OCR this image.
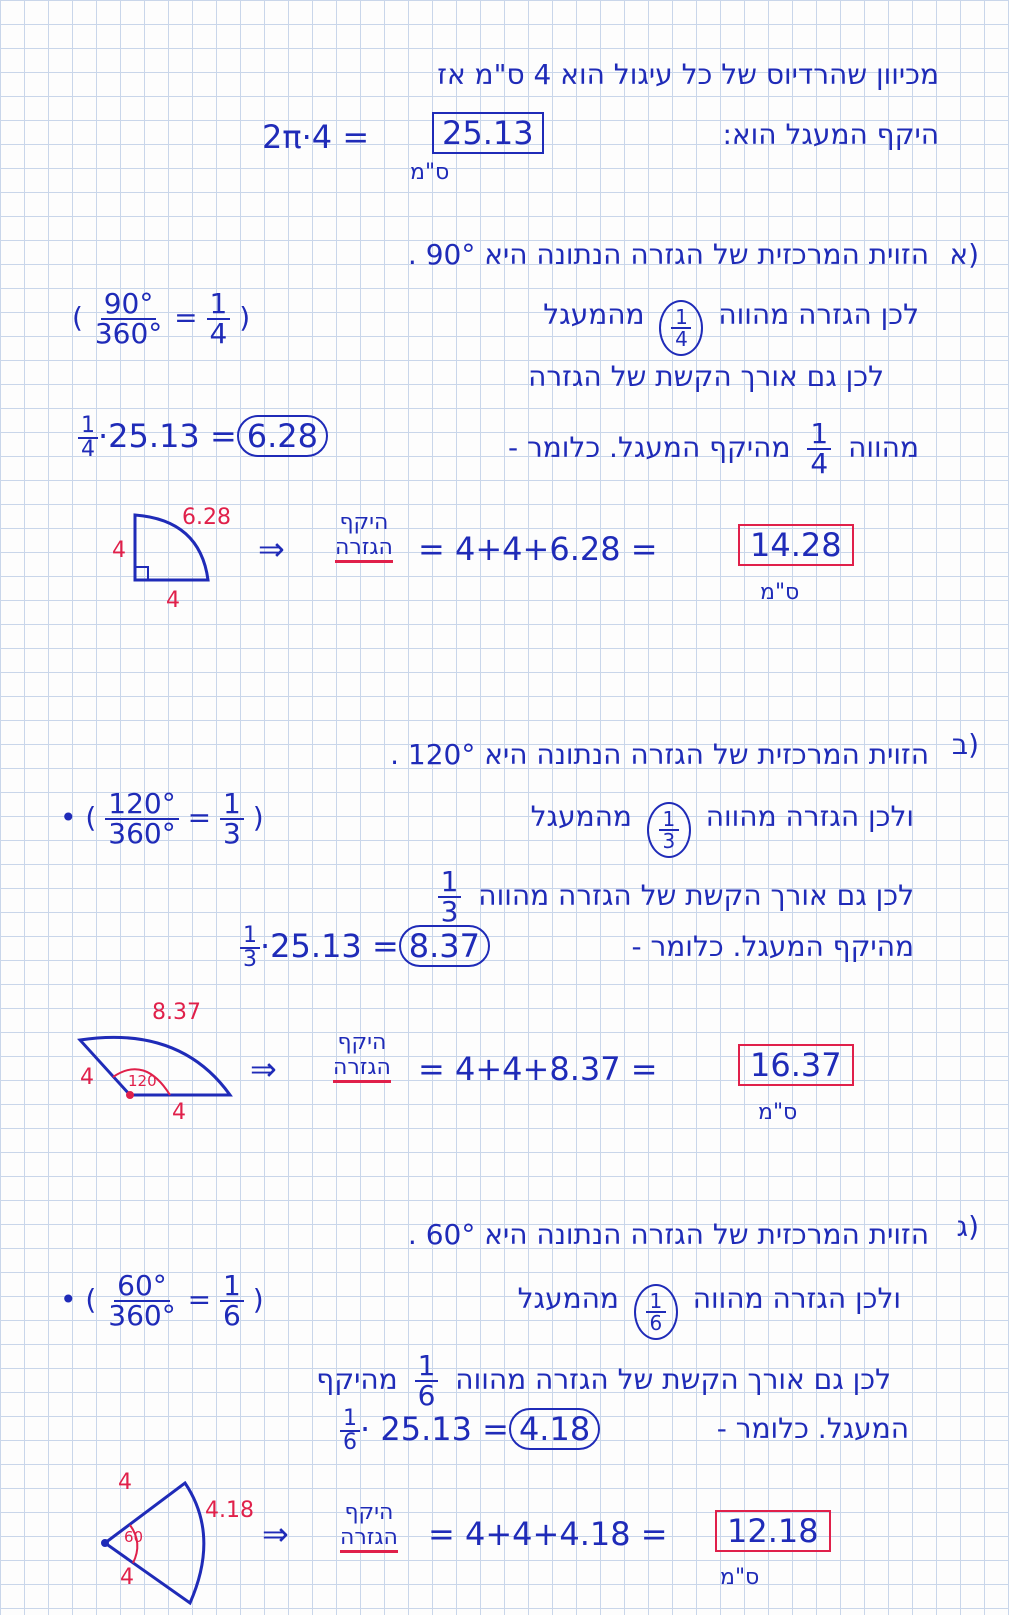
מכיוון שהרדיוס של כל עיגול הוא 4 ס"מ אז
היקף המעגל הוא:
2π·4 =	25.13
ס"מ
א)
הזוית המרכזית של הגזרה הנתונה היא 90° .
לכן הגזרה מהווה
$\frac{1}{4}$
מהמעגל
( $\frac{90^\circ}{360^\circ} = \frac{1}{4}$ )
לכן גם אורך הקשת של הגזרה
מהווה
$\frac{1}{4}$
מהיקף המעגל. כלומר -
$\frac{1}{4} \cdot 25.13 = 6.28$
6.28
4
4
⇒
היקף
הגזרה = 4+4+6.28 =	14.28
ס"מ
ב)
הזוית המרכזית של הגזרה הנתונה היא 120° .
ולכן הגזרה מהווה
$\frac{1}{3}$
מהמעגל
• ( $\frac{120^\circ}{360^\circ} = \frac{1}{3}$ )
לכן גם אורך הקשת של הגזרה מהווה
$\frac{1}{3}$
מהיקף המעגל. כלומר -
$\frac{1}{3} \cdot 25.13 = 8.37$
8.37
4
4
120	⇒
היקף
הגזרה = 4+4+8.37 =	16.37
ס"מ
ג)
הזוית המרכזית של הגזרה הנתונה היא 60° .
ולכן הגזרה מהווה
$\frac{1}{6}$
מהמעגל
• ( $\frac{60^\circ}{360^\circ} = \frac{1}{6}$ )
לכן גם אורך הקשת של הגזרה מהווה
$\frac{1}{6}$
מהיקף
המעגל. כלומר -
$\frac{1}{6} \cdot 25.13 = 4.18$
4
4.18
4
60	⇒
היקף
הגזרה = 4+4+4.18 =	12.18
ס"מ
